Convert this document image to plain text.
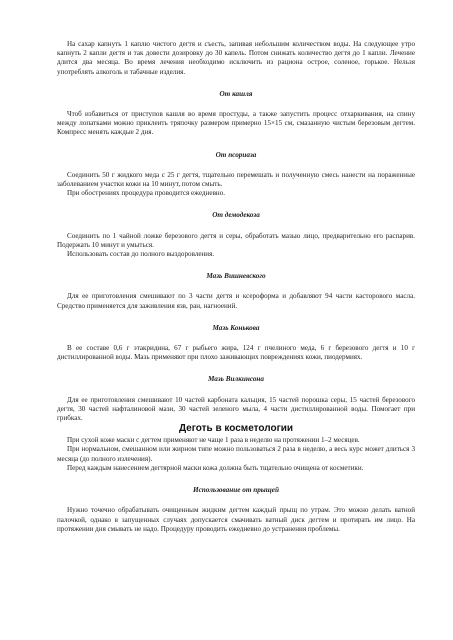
На сахар капнуть 1 каплю чистого дегтя и съесть, запивая небольшим количеством воды. На следующее утро капнуть 2 капли дегтя и так довести дозировку до 30 капель. Потом снижать количество дегтя до 1 капли. Лечение длится два месяца. Во время лечения необходимо исключить из рациона острое, соленое, горькое. Нельзя употреблять алкоголь и табачные изделия.

От кашля

Чтоб избавиться от приступов кашля во время простуды, а также запустить процесс отхаркивания, на спину между лопатками можно приклеить тряпочку размером примерно 15×15 см, смазанную чистым березовым дегтем. Компресс менять каждые 2 дня.

От псориаза

Соединить 50 г жидкого меда с 25 г дегтя, тщательно перемешать и полученную смесь нанести на пораженные заболеванием участки кожи на 10 минут, потом смыть.

При обострениях процедура проводится ежедневно.

От демодекоза

Соединить по 1 чайной ложке березового дегтя и серы, обработать мазью лицо, предварительно его распарив. Подержать 10 минут и умыться.

Использовать состав до полного выздоровления.

Мазь Вишневского

Для ее приготовления смешивают по 3 части дегтя и ксероформа и добавляют 94 части касторового масла. Средство применяется для заживления язв, ран, нагноений.

Мазь Конькова

В ее составе 0,6 г этакридина, 67 г рыбьего жира, 124 г пчелиного меда, 6 г березового дегтя и 10 г дистиллированной воды. Мазь применяют при плохо заживающих повреждениях кожи, пиодермиях.

Мазь Вилкинсона

Для ее приготовления смешивают 10 частей карбоната кальция, 15 частей порошка серы, 15 частей березового дегтя, 30 частей нафталиновой мази, 30 частей зеленого мыла, 4 части дистиллированной воды. Помогает при грибках.

Деготь в косметологии

При сухой коже маски с дегтем применяют не чаще 1 раза в неделю на протяжении 1–2 месяцев.

При нормальном, смешанном или жирном типе можно пользоваться 2 раза в неделю, а весь курс может длиться 3 месяца (до полного излечения).

Перед каждым нанесением дегтярной маски кожа должна быть тщательно очищена от косметики.

Использование от прыщей

Нужно точечно обрабатывать очищенным жидким дегтем каждый прыщ по утрам. Это можно делать ватной палочкой, однако в запущенных случаях допускается смачивать ватный диск дегтем и протирать им лицо. На протяжении дня смывать не надо. Процедуру проводить ежедневно до устранения проблемы.
